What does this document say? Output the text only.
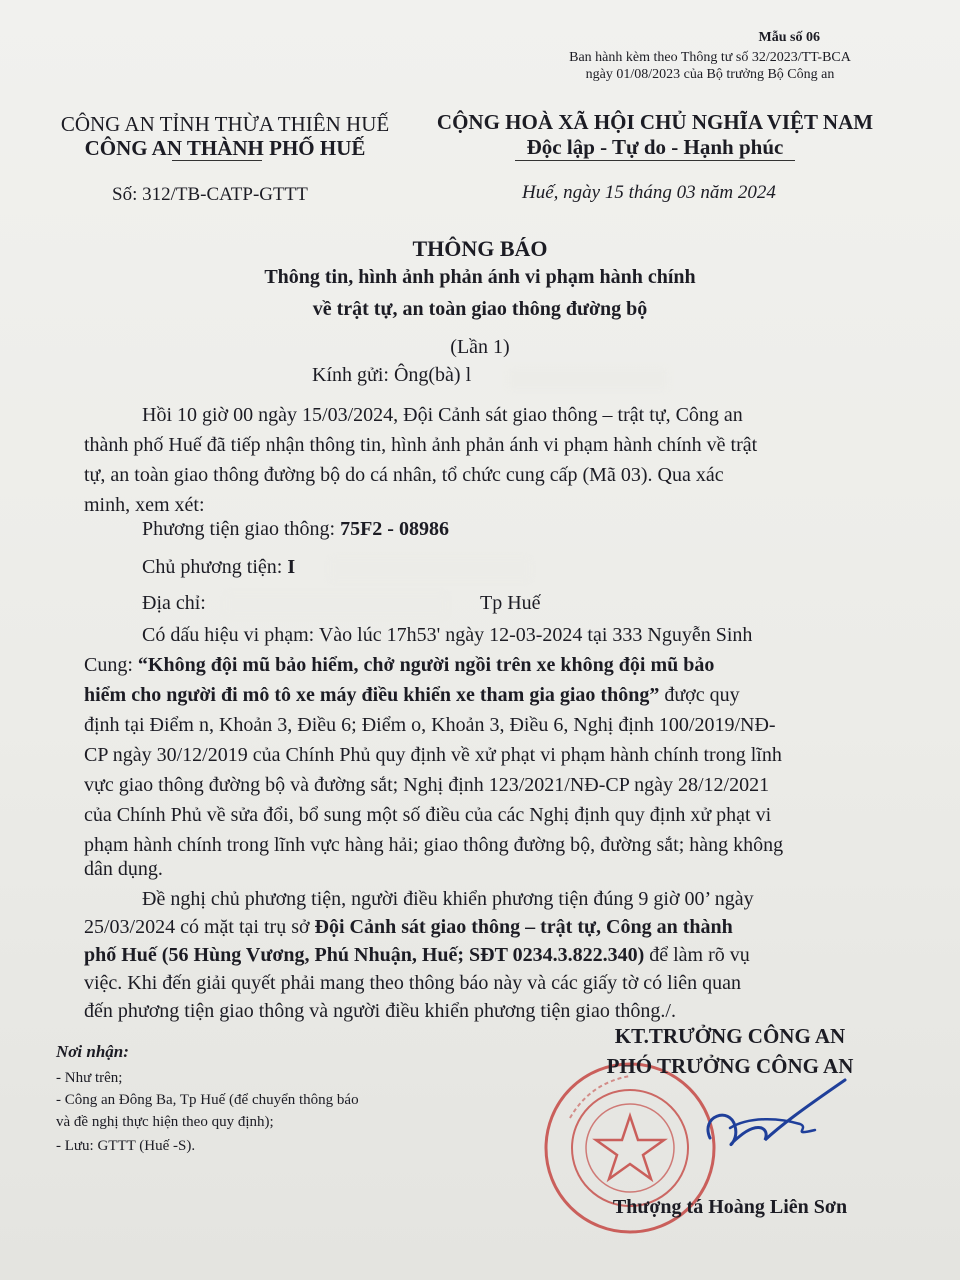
Mẫu số 06
Ban hành kèm theo Thông tư số 32/2023/TT-BCA
ngày 01/08/2023 của Bộ trưởng Bộ Công an
CÔNG AN TỈNH THỪA THIÊN HUẾ
CÔNG AN THÀNH PHỐ HUẾ
CỘNG HOÀ XÃ HỘI CHỦ NGHĨA VIỆT NAM
Độc lập - Tự do - Hạnh phúc
Số: 312/TB-CATP-GTTT	Huế, ngày 15 tháng 03 năm 2024
THÔNG BÁO
Thông tin, hình ảnh phản ánh vi phạm hành chính
về trật tự, an toàn giao thông đường bộ
(Lần 1)
Kính gửi: Ông(bà) l
Hồi 10 giờ 00 ngày 15/03/2024, Đội Cảnh sát giao thông – trật tự, Công an
thành phố Huế đã tiếp nhận thông tin, hình ảnh phản ánh vi phạm hành chính về trật
tự, an toàn giao thông đường bộ do cá nhân, tổ chức cung cấp (Mã 03). Qua xác
minh, xem xét:
Phương tiện giao thông: 75F2 - 08986
Chủ phương tiện: I
Địa chỉ:	Tp Huế
Có dấu hiệu vi phạm: Vào lúc 17h53' ngày 12-03-2024 tại 333 Nguyễn Sinh
Cung: “Không đội mũ bảo hiểm, chở người ngồi trên xe không đội mũ bảo
hiểm cho người đi mô tô xe máy điều khiển xe tham gia giao thông” được quy
định tại Điểm n, Khoản 3, Điều 6; Điểm o, Khoản 3, Điều 6, Nghị định 100/2019/NĐ-
CP ngày 30/12/2019 của Chính Phủ quy định về xử phạt vi phạm hành chính trong lĩnh
vực giao thông đường bộ và đường sắt; Nghị định 123/2021/NĐ-CP ngày 28/12/2021
của Chính Phủ về sửa đổi, bổ sung một số điều của các Nghị định quy định xử phạt vi
phạm hành chính trong lĩnh vực hàng hải; giao thông đường bộ, đường sắt; hàng không
dân dụng.
Đề nghị chủ phương tiện, người điều khiển phương tiện đúng 9 giờ 00’ ngày
25/03/2024 có mặt tại trụ sở Đội Cảnh sát giao thông – trật tự, Công an thành
phố Huế (56 Hùng Vương, Phú Nhuận, Huế; SĐT 0234.3.822.340) để làm rõ vụ
việc. Khi đến giải quyết phải mang theo thông báo này và các giấy tờ có liên quan
đến phương tiện giao thông và người điều khiển phương tiện giao thông./.
Nơi nhận:
- Như trên;
- Công an Đông Ba, Tp Huế (để chuyển thông báo
và đề nghị thực hiện theo quy định);
- Lưu: GTTT (Huế -S).
KT.TRƯỞNG CÔNG AN
PHÓ TRƯỞNG CÔNG AN
Thượng tá Hoàng Liên Sơn
